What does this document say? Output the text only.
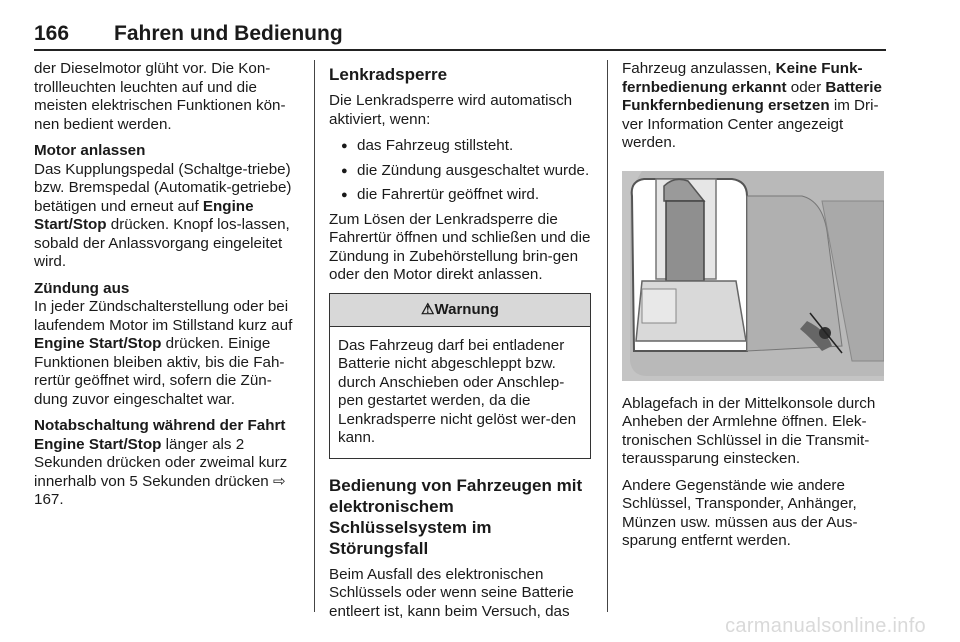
166 Fahren und Bedienung

der Dieselmotor glüht vor. Die Kon-trollleuchten leuchten auf und die meisten elektrischen Funktionen kön-nen bedient werden.

Motor anlassen

Das Kupplungspedal (Schaltge-triebe) bzw. Bremspedal (Automatik-getriebe) betätigen und erneut auf Engine Start/Stop drücken. Knopf los-lassen, sobald der Anlassvorgang eingeleitet wird.

Zündung aus

In jeder Zündschalterstellung oder bei laufendem Motor im Stillstand kurz auf Engine Start/Stop drücken. Einige Funktionen bleiben aktiv, bis die Fah-rertür geöffnet wird, sofern die Zün-dung zuvor eingeschaltet war.

Notabschaltung während der Fahrt

Engine Start/Stop länger als 2 Sekunden drücken oder zweimal kurz innerhalb von 5 Sekunden drücken ⇨ 167.

Lenkradsperre

Die Lenkradsperre wird automatisch aktiviert, wenn:

● das Fahrzeug stillsteht.
● die Zündung ausgeschaltet wurde.
● die Fahrertür geöffnet wird.

Zum Lösen der Lenkradsperre die Fahrertür öffnen und schließen und die Zündung in Zubehörstellung brin-gen oder den Motor direkt anlassen.

⚠Warnung
Das Fahrzeug darf bei entladener Batterie nicht abgeschleppt bzw. durch Anschieben oder Anschlep-pen gestartet werden, da die Lenkradsperre nicht gelöst wer-den kann.
Bedienung von Fahrzeugen mit elektronischem Schlüsselsystem im Störungsfall

Beim Ausfall des elektronischen Schlüssels oder wenn seine Batterie entleert ist, kann beim Versuch, das

Fahrzeug anzulassen, Keine Funk-fernbedienung erkannt oder Batterie Funkfernbedienung ersetzen im Dri-ver Information Center angezeigt werden.

Ablagefach in der Mittelkonsole durch Anheben der Armlehne öffnen. Elek-tronischen Schlüssel in die Transmit-teraussparung einstecken.

Andere Gegenstände wie andere Schlüssel, Transponder, Anhänger, Münzen usw. müssen aus der Aus-sparung entfernt werden.

carmanualsonline.info
